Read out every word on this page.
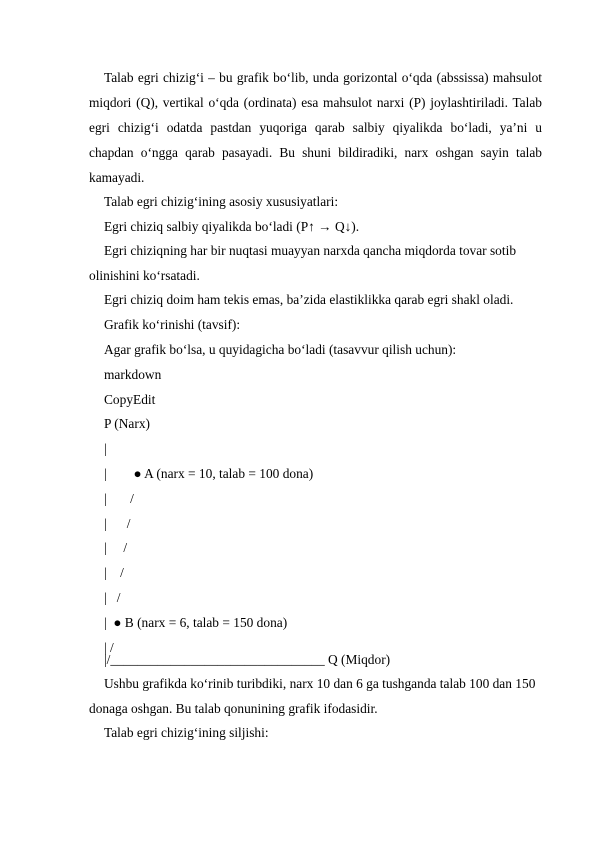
Talab egri chizig‘i – bu grafik bo‘lib, unda gorizontal o‘qda (abssissa) mahsulot miqdori (Q), vertikal o‘qda (ordinata) esa mahsulot narxi (P) joylashtiriladi. Talab egri chizig‘i odatda pastdan yuqoriga qarab salbiy qiyalikda bo‘ladi, ya’ni u chapdan o‘ngga qarab pasayadi. Bu shuni bildiradiki, narx oshgan sayin talab kamayadi.

Talab egri chizig‘ining asosiy xususiyatlari:
Egri chiziq salbiy qiyalikda bo‘ladi (P↑ → Q↓).

Egri chiziqning har bir nuqtasi muayyan narxda qancha miqdorda tovar sotib olinishini ko‘rsatadi.

Egri chiziq doim ham tekis emas, ba’zida elastiklikka qarab egri shakl oladi.
Grafik ko‘rinishi (tavsif):
Agar grafik bo‘lsa, u quyidagicha bo‘ladi (tasavvur qilish uchun):
markdown
CopyEdit
P (Narx)
|
|        ● A (narx = 10, talab = 100 dona)
|       /
|      /
|     /
|    /
|   /
|  ● B (narx = 6, talab = 150 dona)
| /
|/________________________________ Q (Miqdor)

Ushbu grafikda ko‘rinib turibdiki, narx 10 dan 6 ga tushganda talab 100 dan 150 donaga oshgan. Bu talab qonunining grafik ifodasidir.

Talab egri chizig‘ining siljishi:
